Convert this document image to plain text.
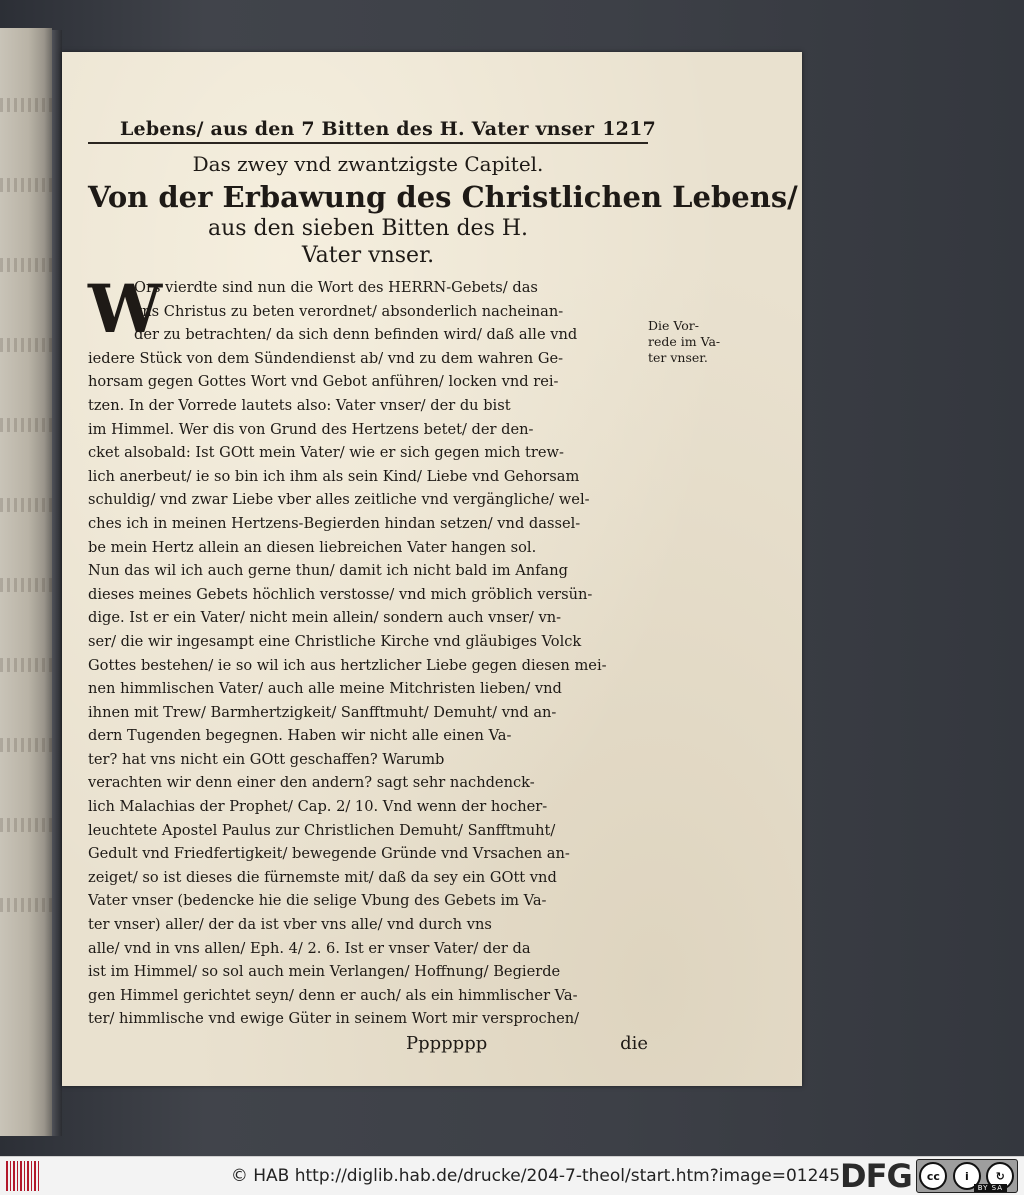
Lebens/ aus den 7 Bitten des H. Vater vnser 1217
Das zwey vnd zwantzigste Capitel.
Von der Erbawung des Christlichen Lebens/
aus den sieben Bitten des H.
Vater vnser.
W
Ors vierdte sind nun die Wort des HERRN-Gebets/ das
vns Christus zu beten verordnet/ absonderlich nacheinan-
der zu betrachten/ da sich denn befinden wird/ daß alle vnd
iedere Stück von dem Sündendienst ab/ vnd zu dem wahren Ge-
horsam gegen Gottes Wort vnd Gebot anführen/ locken vnd rei-
tzen. In der Vorrede lautets also: Vater vnser/ der du bist
im Himmel. Wer dis von Grund des Hertzens betet/ der den-
cket alsobald: Ist GOtt mein Vater/ wie er sich gegen mich trew-
lich anerbeut/ ie so bin ich ihm als sein Kind/ Liebe vnd Gehorsam
schuldig/ vnd zwar Liebe vber alles zeitliche vnd vergängliche/ wel-
ches ich in meinen Hertzens-Begierden hindan setzen/ vnd dassel-
be mein Hertz allein an diesen liebreichen Vater hangen sol.
Nun das wil ich auch gerne thun/ damit ich nicht bald im Anfang
dieses meines Gebets höchlich verstosse/ vnd mich gröblich versün-
dige. Ist er ein Vater/ nicht mein allein/ sondern auch vnser/ vn-
ser/ die wir ingesampt eine Christliche Kirche vnd gläubiges Volck
Gottes bestehen/ ie so wil ich aus hertzlicher Liebe gegen diesen mei-
nen himmlischen Vater/ auch alle meine Mitchristen lieben/ vnd
ihnen mit Trew/ Barmhertzigkeit/ Sanfftmuht/ Demuht/ vnd an-
dern Tugenden begegnen. Haben wir nicht alle einen Va-
ter? hat vns nicht ein GOtt geschaffen? Warumb
verachten wir denn einer den andern? sagt sehr nachdenck-
lich Malachias der Prophet/ Cap. 2/ 10. Vnd wenn der hocher-
leuchtete Apostel Paulus zur Christlichen Demuht/ Sanfftmuht/
Gedult vnd Friedfertigkeit/ bewegende Gründe vnd Vrsachen an-
zeiget/ so ist dieses die fürnemste mit/ daß da sey ein GOtt vnd
Vater vnser (bedencke hie die selige Vbung des Gebets im Va-
ter vnser) aller/ der da ist vber vns alle/ vnd durch vns
alle/ vnd in vns allen/ Eph. 4/ 2. 6. Ist er vnser Vater/ der da
ist im Himmel/ so sol auch mein Verlangen/ Hoffnung/ Begierde
gen Himmel gerichtet seyn/ denn er auch/ als ein himmlischer Va-
ter/ himmlische vnd ewige Güter in seinem Wort mir versprochen/
Ppppppp	die
Die Vor-
rede im Va-
ter vnser.
© HAB http://diglib.hab.de/drucke/204-7-theol/start.htm?image=01245 DFG	cc	i	↻
BY SA
